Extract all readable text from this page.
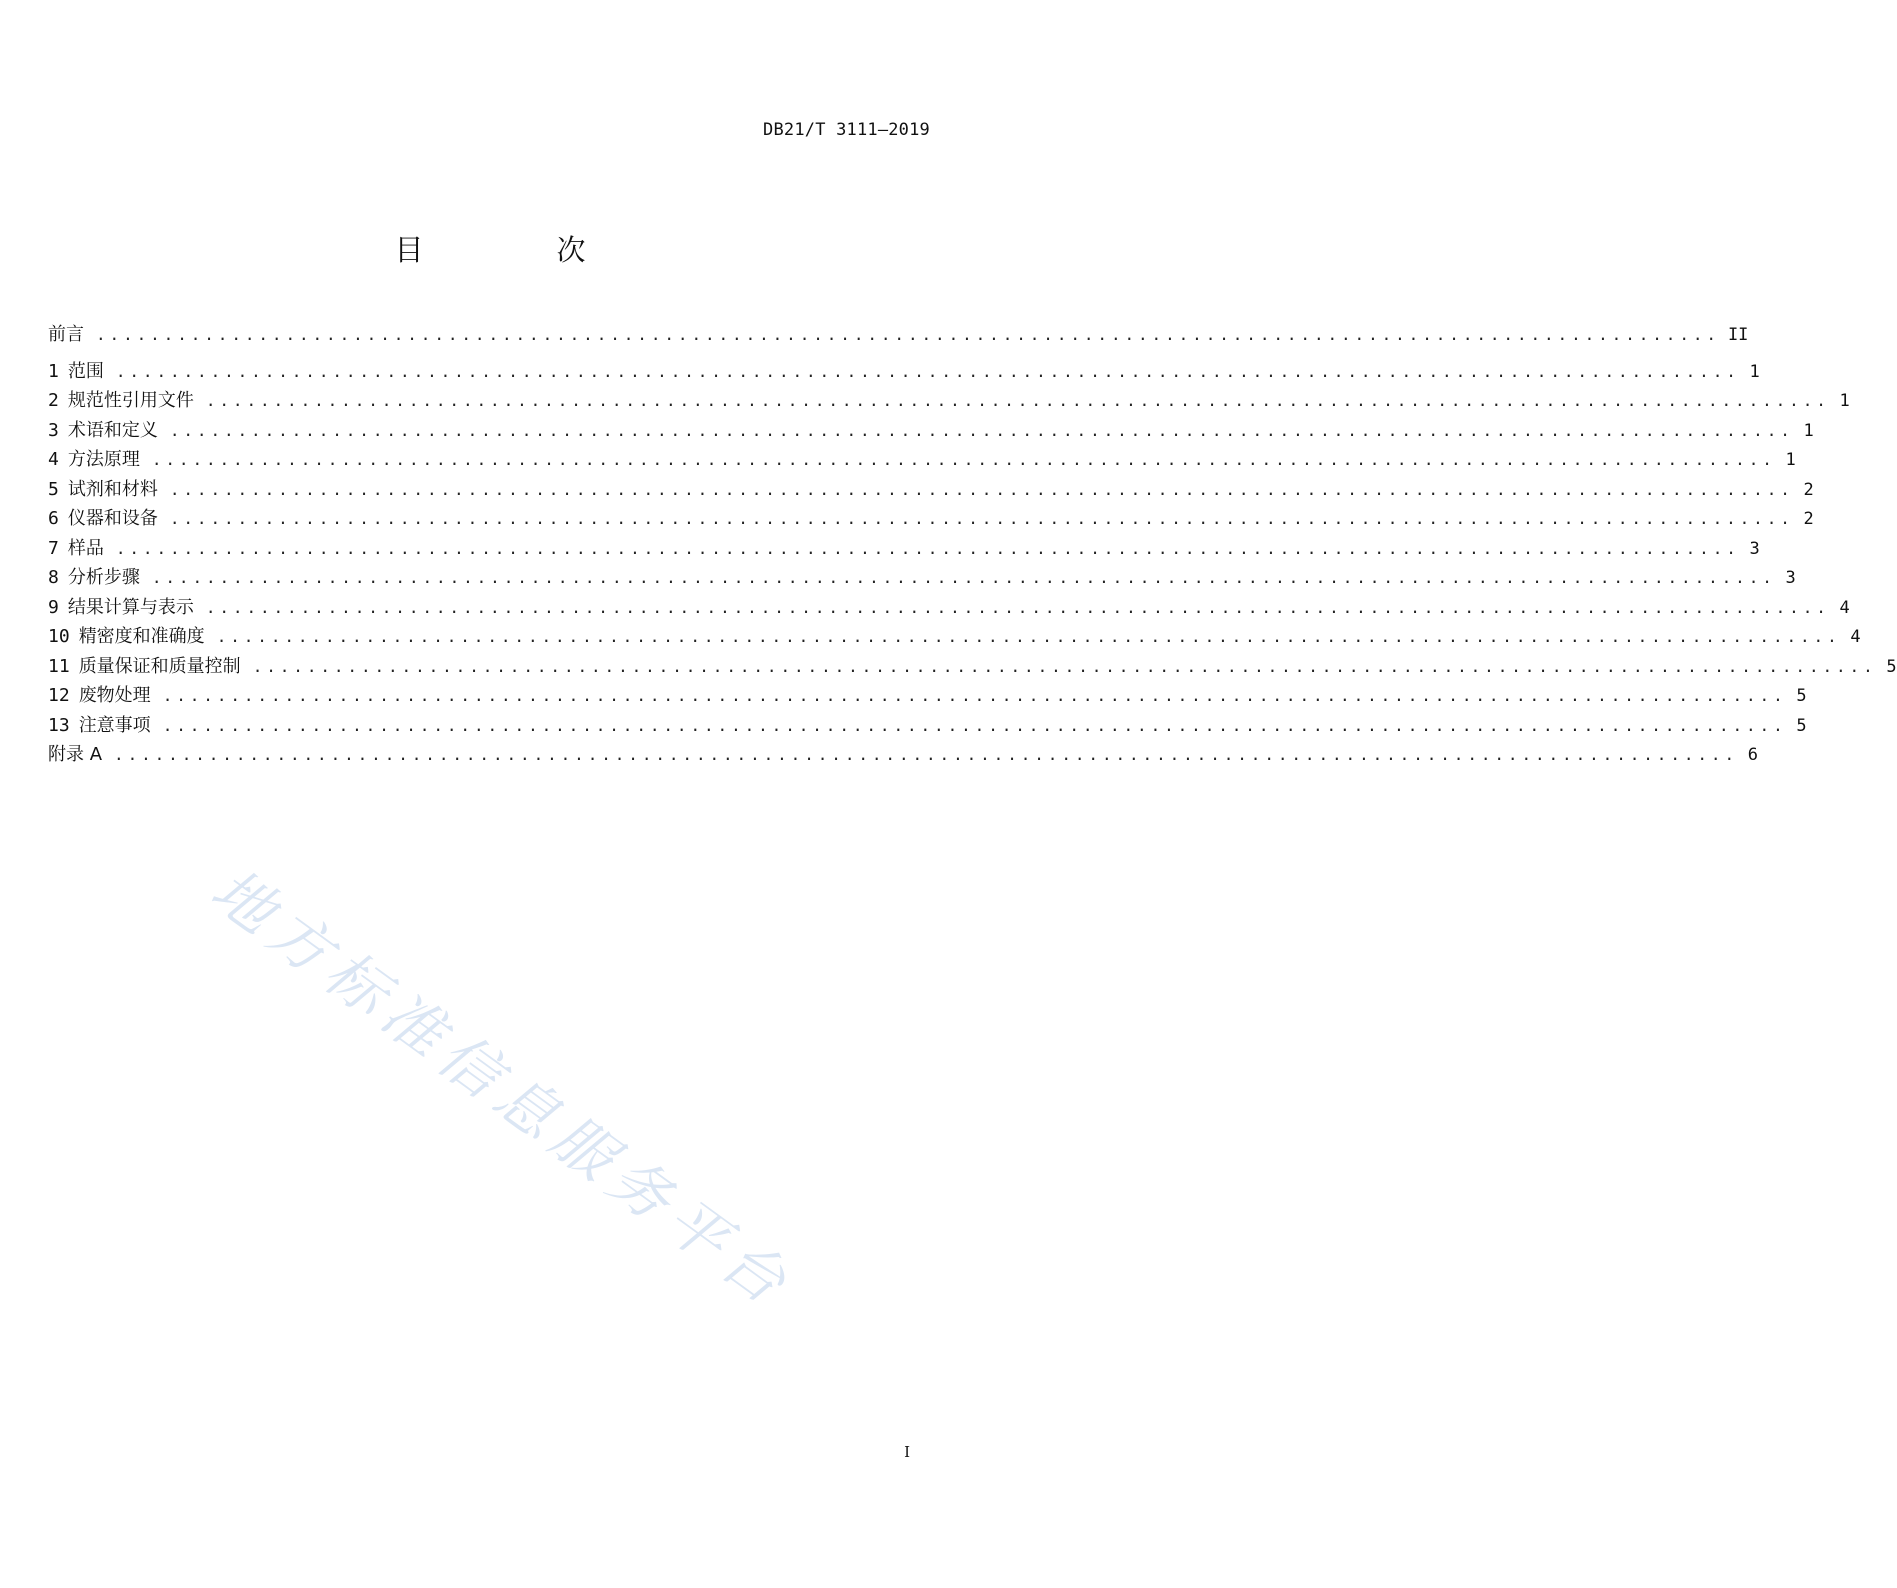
DB21/T 3111—2019
目　次
前言 ........................................................................................................................ II
1 范围 ........................................................................................................................ 1
2 规范性引用文件 ........................................................................................................................ 1
3 术语和定义 ........................................................................................................................ 1
4 方法原理 ........................................................................................................................ 1
5 试剂和材料 ........................................................................................................................ 2
6 仪器和设备 ........................................................................................................................ 2
7 样品 ........................................................................................................................ 3
8 分析步骤 ........................................................................................................................ 3
9 结果计算与表示 ........................................................................................................................ 4
10 精密度和准确度 ........................................................................................................................ 4
11 质量保证和质量控制 ........................................................................................................................ 5
12 废物处理 ........................................................................................................................ 5
13 注意事项 ........................................................................................................................ 5
附录 A ........................................................................................................................ 6
地方标准信息服务平台
I
